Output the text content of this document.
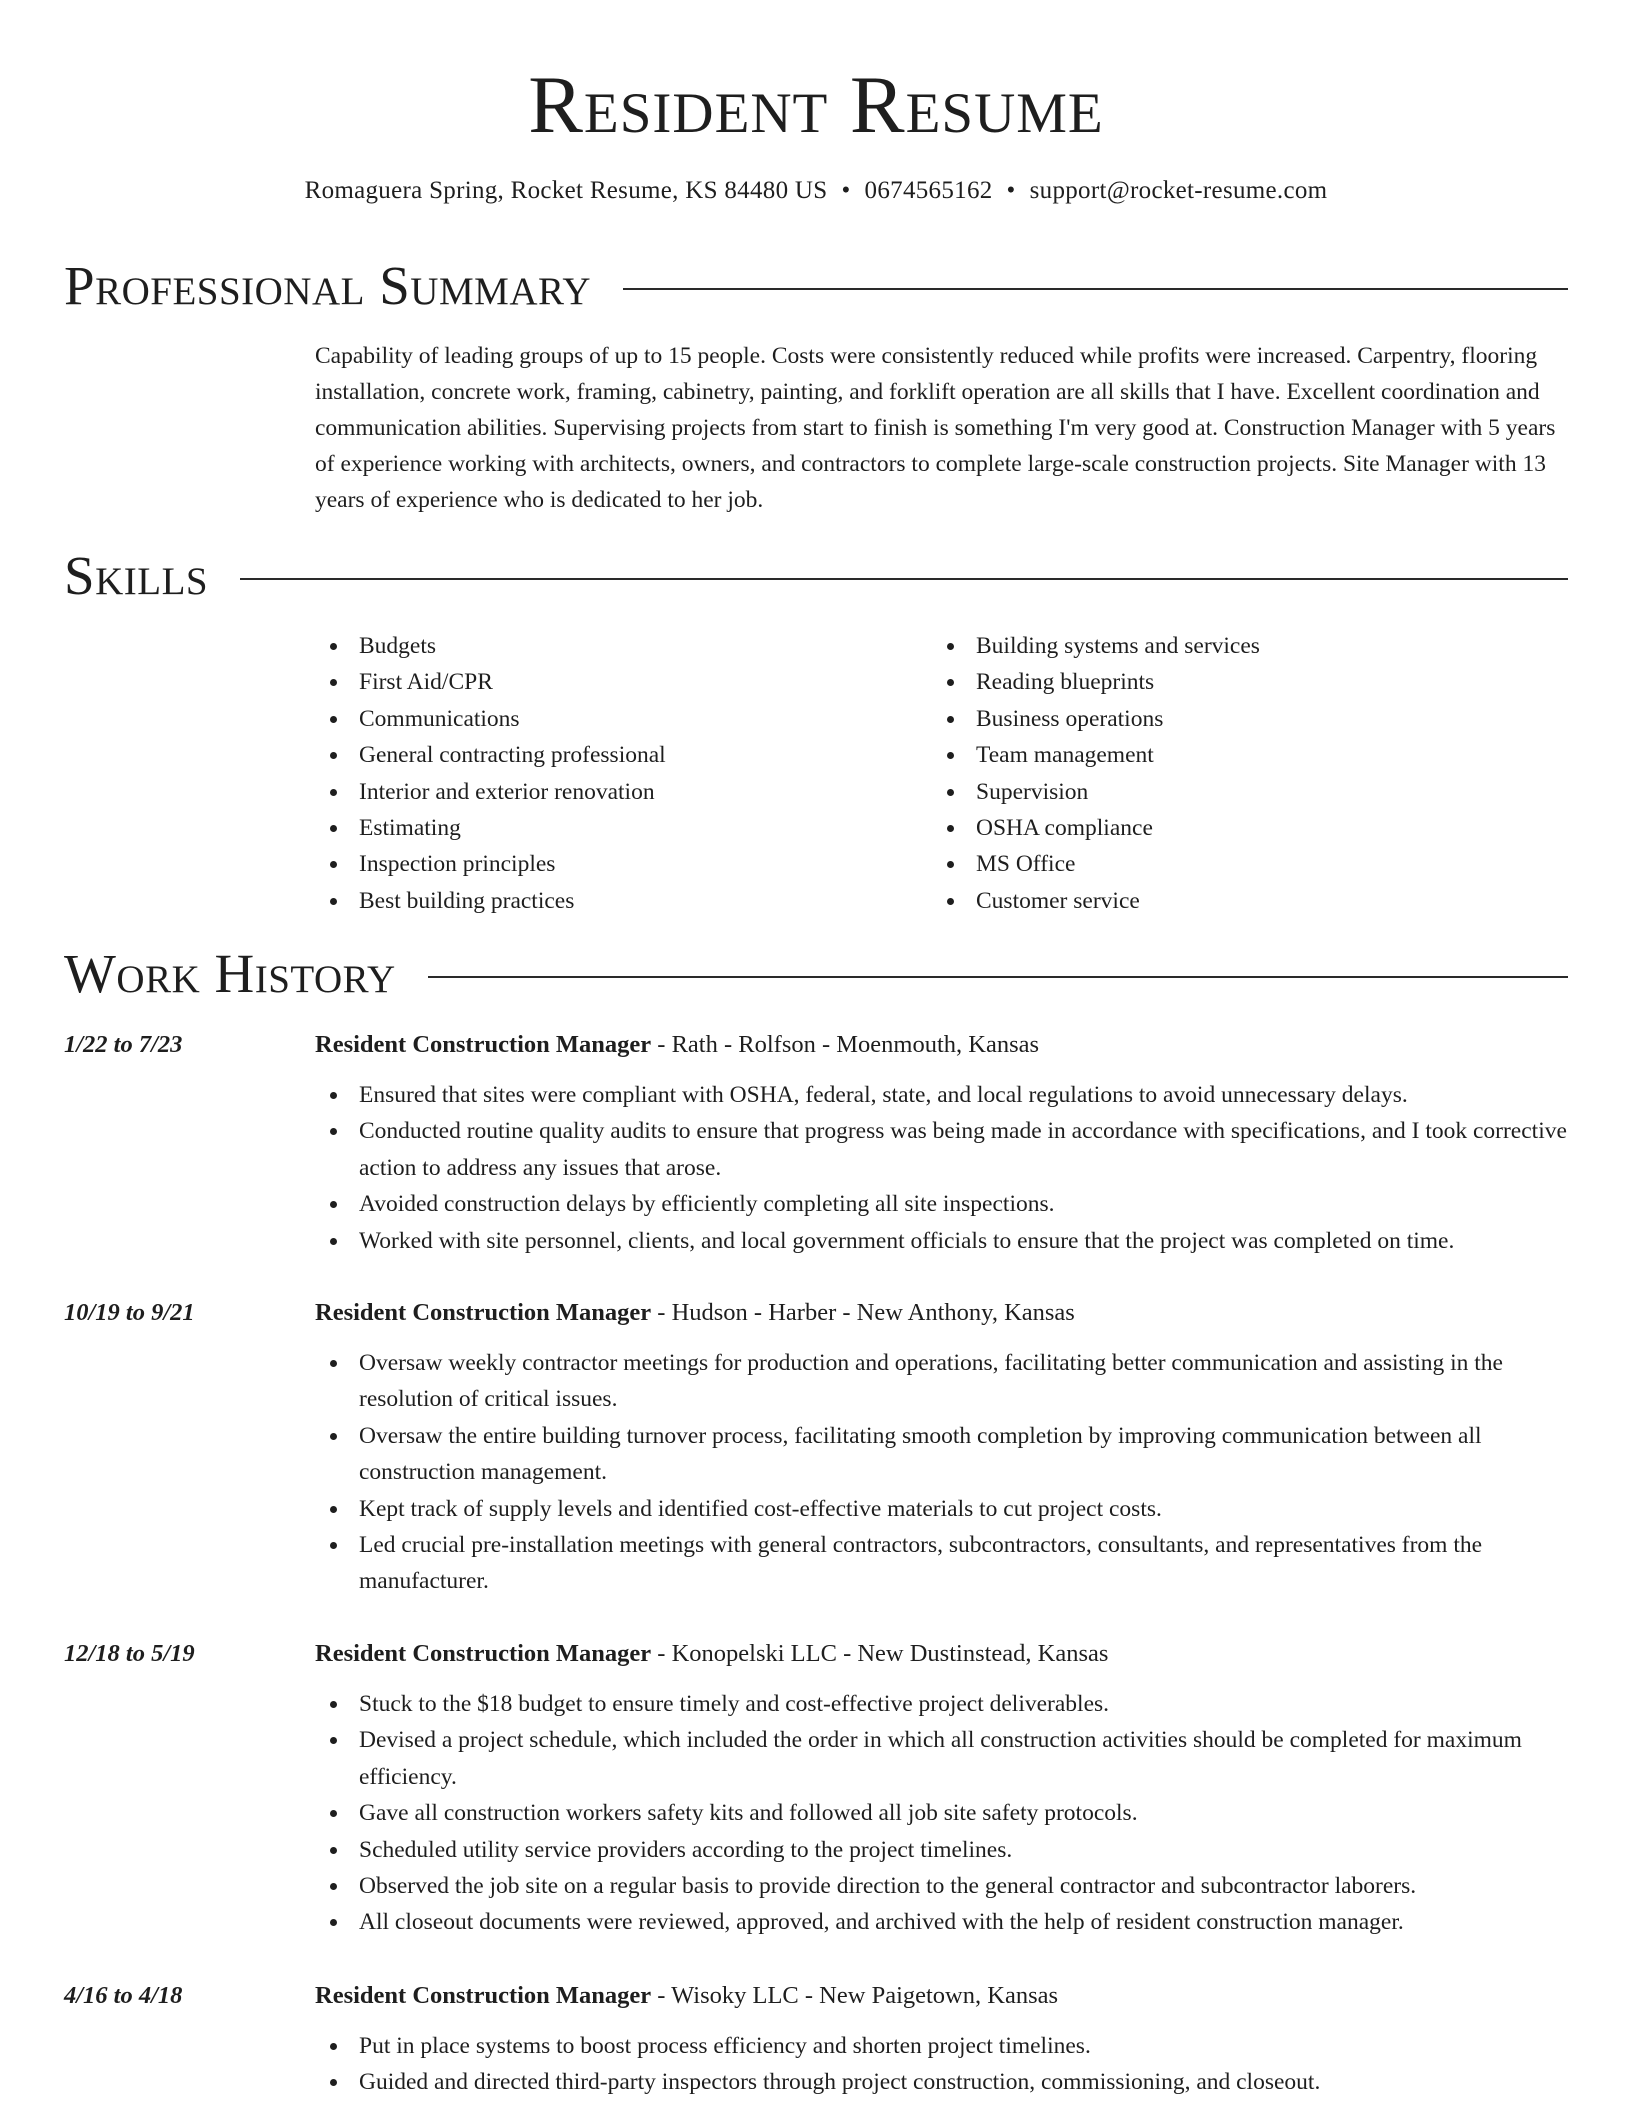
Resident Resume
Romaguera Spring, Rocket Resume, KS 84480 US • 0674565162 • support@rocket-resume.com
Professional Summary

Capability of leading groups of up to 15 people. Costs were consistently reduced while profits were increased. Carpentry, flooring installation, concrete work, framing, cabinetry, painting, and forklift operation are all skills that I have. Excellent coordination and communication abilities. Supervising projects from start to finish is something I'm very good at. Construction Manager with 5 years of experience working with architects, owners, and contractors to complete large-scale construction projects. Site Manager with 13 years of experience who is dedicated to her job.

Skills
Budgets
First Aid/CPR
Communications
General contracting professional
Interior and exterior renovation
Estimating
Inspection principles
Best building practices
Building systems and services
Reading blueprints
Business operations
Team management
Supervision
OSHA compliance
MS Office
Customer service
Work History
1/22 to 7/23	Resident Construction Manager - Rath - Rolfson - Moenmouth, Kansas
Ensured that sites were compliant with OSHA, federal, state, and local regulations to avoid unnecessary delays.
Conducted routine quality audits to ensure that progress was being made in accordance with specifications, and I took corrective action to address any issues that arose.
Avoided construction delays by efficiently completing all site inspections.
Worked with site personnel, clients, and local government officials to ensure that the project was completed on time.
10/19 to 9/21	Resident Construction Manager - Hudson - Harber - New Anthony, Kansas
Oversaw weekly contractor meetings for production and operations, facilitating better communication and assisting in the resolution of critical issues.
Oversaw the entire building turnover process, facilitating smooth completion by improving communication between all construction management.
Kept track of supply levels and identified cost-effective materials to cut project costs.
Led crucial pre-installation meetings with general contractors, subcontractors, consultants, and representatives from the manufacturer.
12/18 to 5/19	Resident Construction Manager - Konopelski LLC - New Dustinstead, Kansas
Stuck to the $18 budget to ensure timely and cost-effective project deliverables.
Devised a project schedule, which included the order in which all construction activities should be completed for maximum efficiency.
Gave all construction workers safety kits and followed all job site safety protocols.
Scheduled utility service providers according to the project timelines.
Observed the job site on a regular basis to provide direction to the general contractor and subcontractor laborers.
All closeout documents were reviewed, approved, and archived with the help of resident construction manager.
4/16 to 4/18	Resident Construction Manager - Wisoky LLC - New Paigetown, Kansas
Put in place systems to boost process efficiency and shorten project timelines.
Guided and directed third-party inspectors through project construction, commissioning, and closeout.
